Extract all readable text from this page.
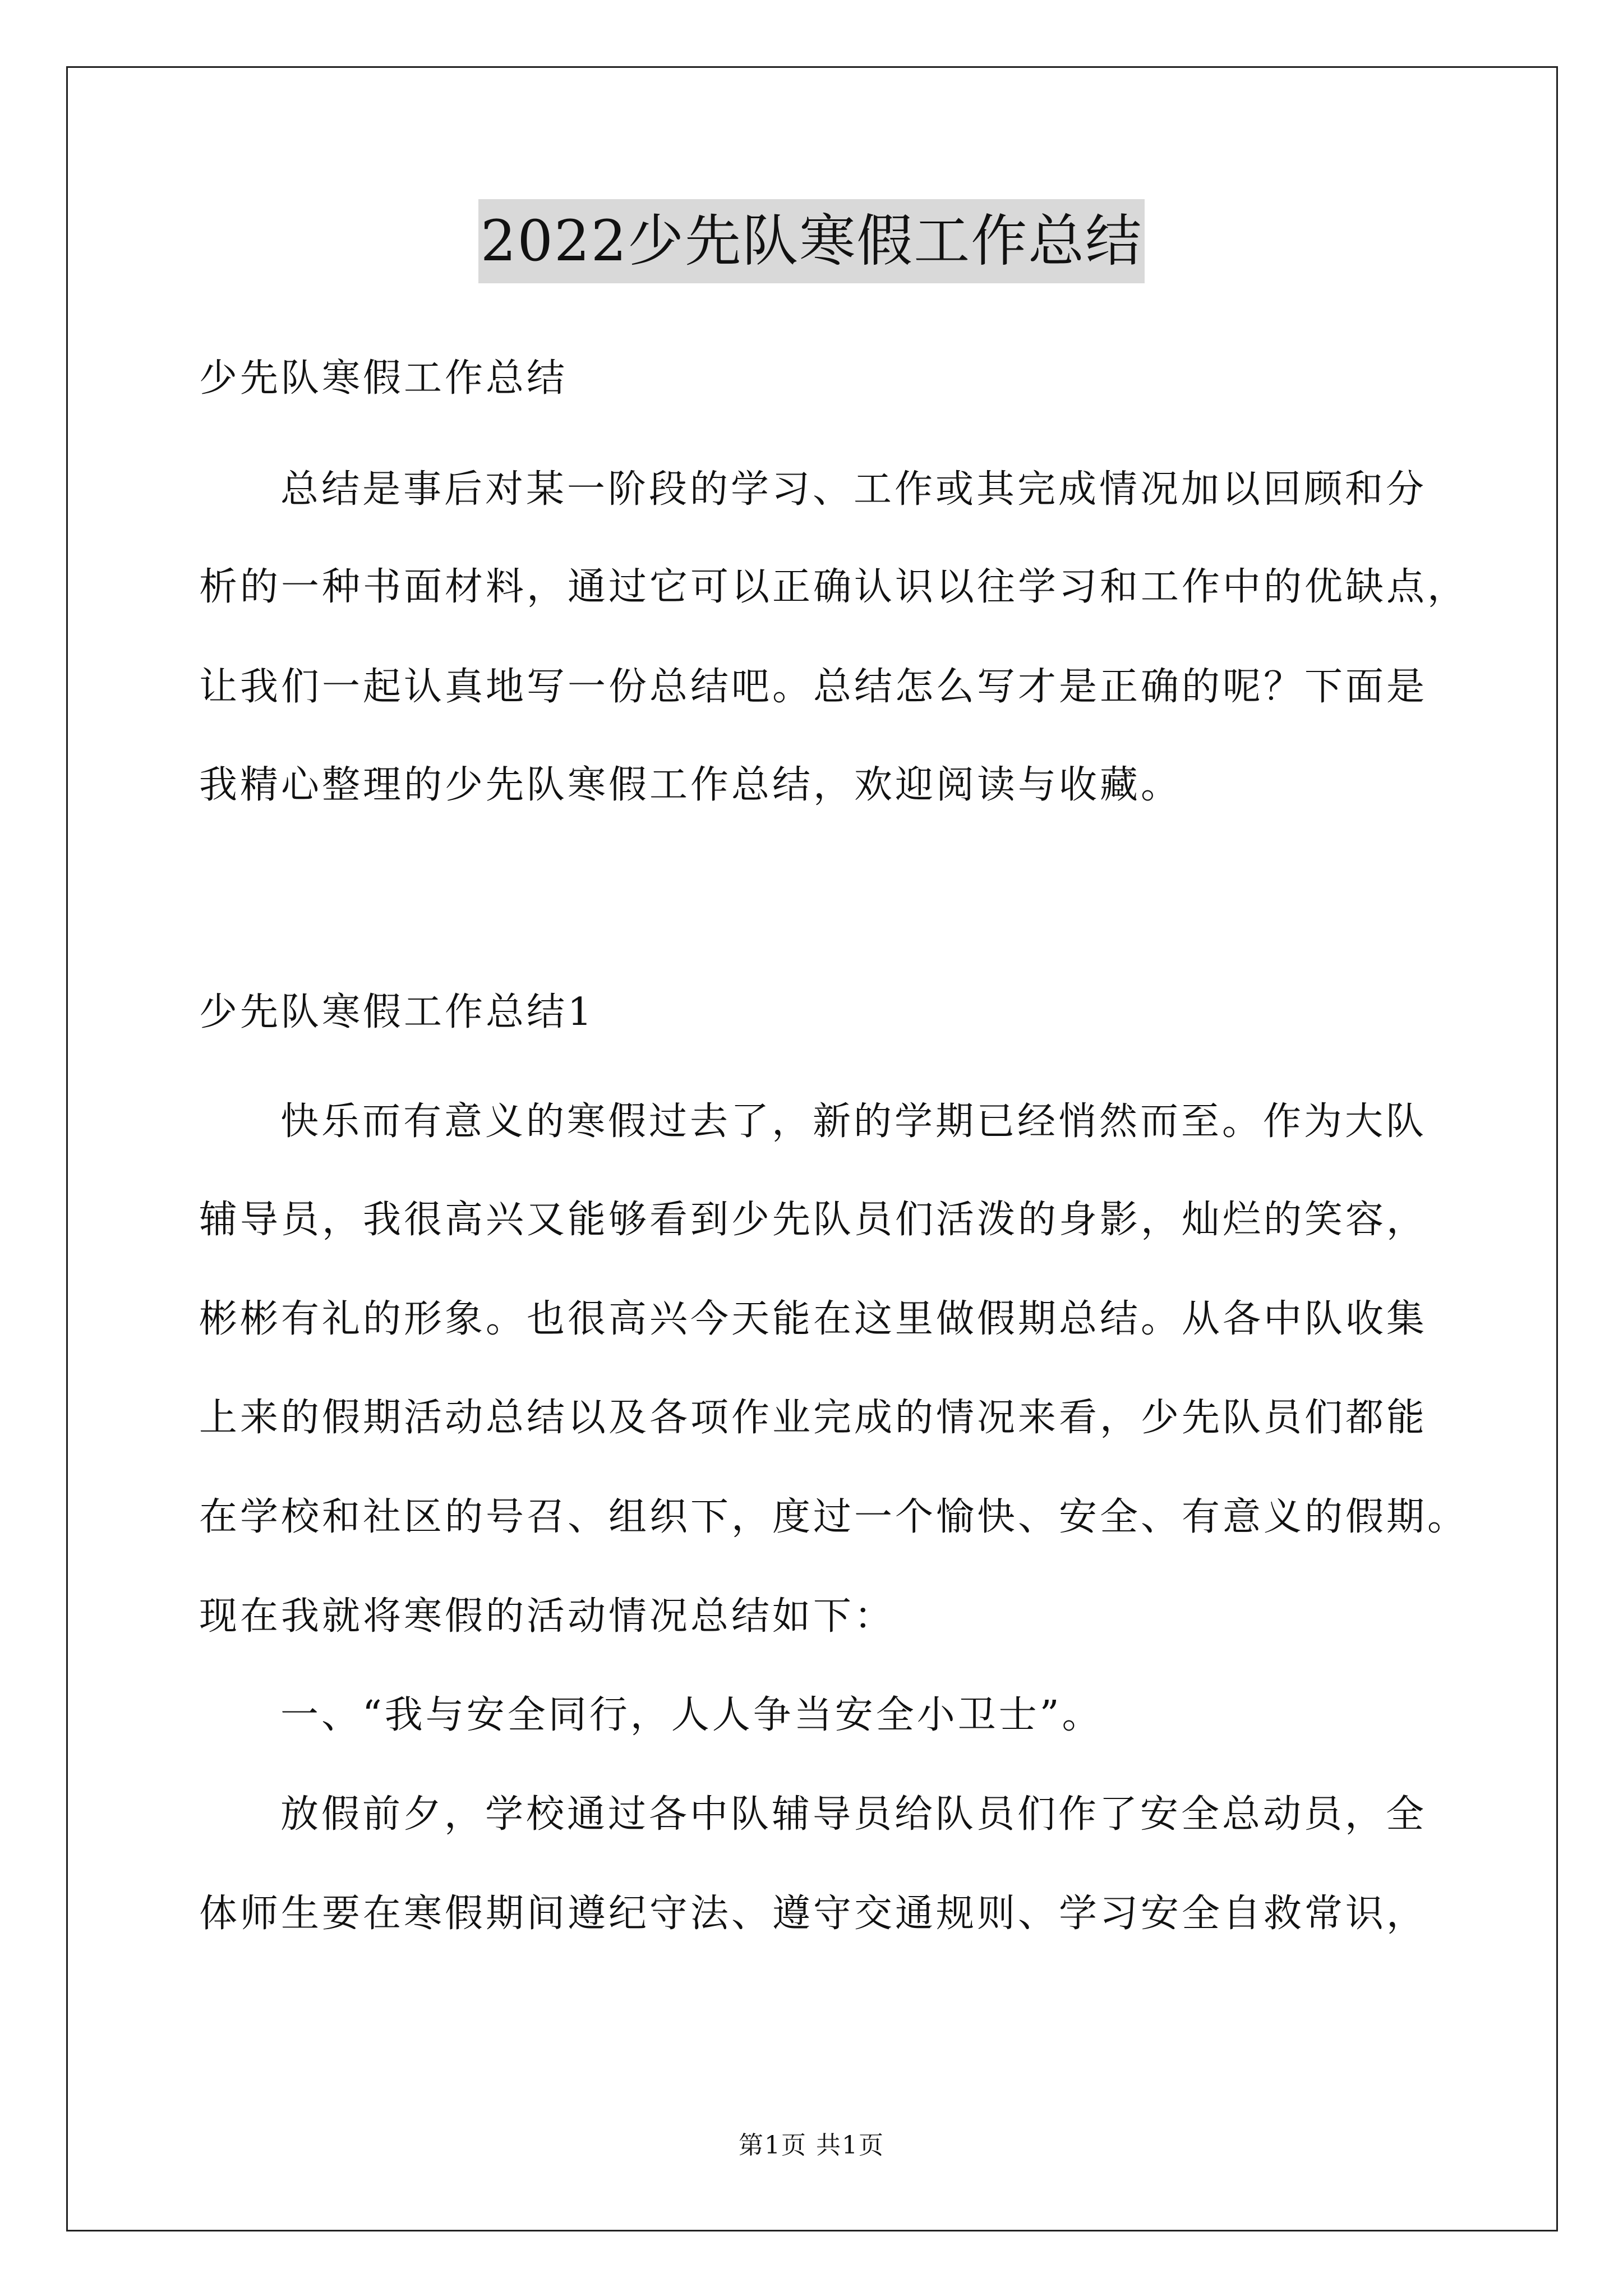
2022少先队寒假工作总结
少先队寒假工作总结
总结是事后对某一阶段的学习、工作或其完成情况加以回顾和分
析的一种书面材料，通过它可以正确认识以往学习和工作中的优缺点，
让我们一起认真地写一份总结吧。总结怎么写才是正确的呢？下面是
我精心整理的少先队寒假工作总结，欢迎阅读与收藏。
少先队寒假工作总结1
快乐而有意义的寒假过去了，新的学期已经悄然而至。作为大队
辅导员，我很高兴又能够看到少先队员们活泼的身影，灿烂的笑容，
彬彬有礼的形象。也很高兴今天能在这里做假期总结。从各中队收集
上来的假期活动总结以及各项作业完成的情况来看，少先队员们都能
在学校和社区的号召、组织下，度过一个愉快、安全、有意义的假期。
现在我就将寒假的活动情况总结如下：
一、“我与安全同行，人人争当安全小卫士”。
放假前夕，学校通过各中队辅导员给队员们作了安全总动员，全
体师生要在寒假期间遵纪守法、遵守交通规则、学习安全自救常识，
第1页 共1页
